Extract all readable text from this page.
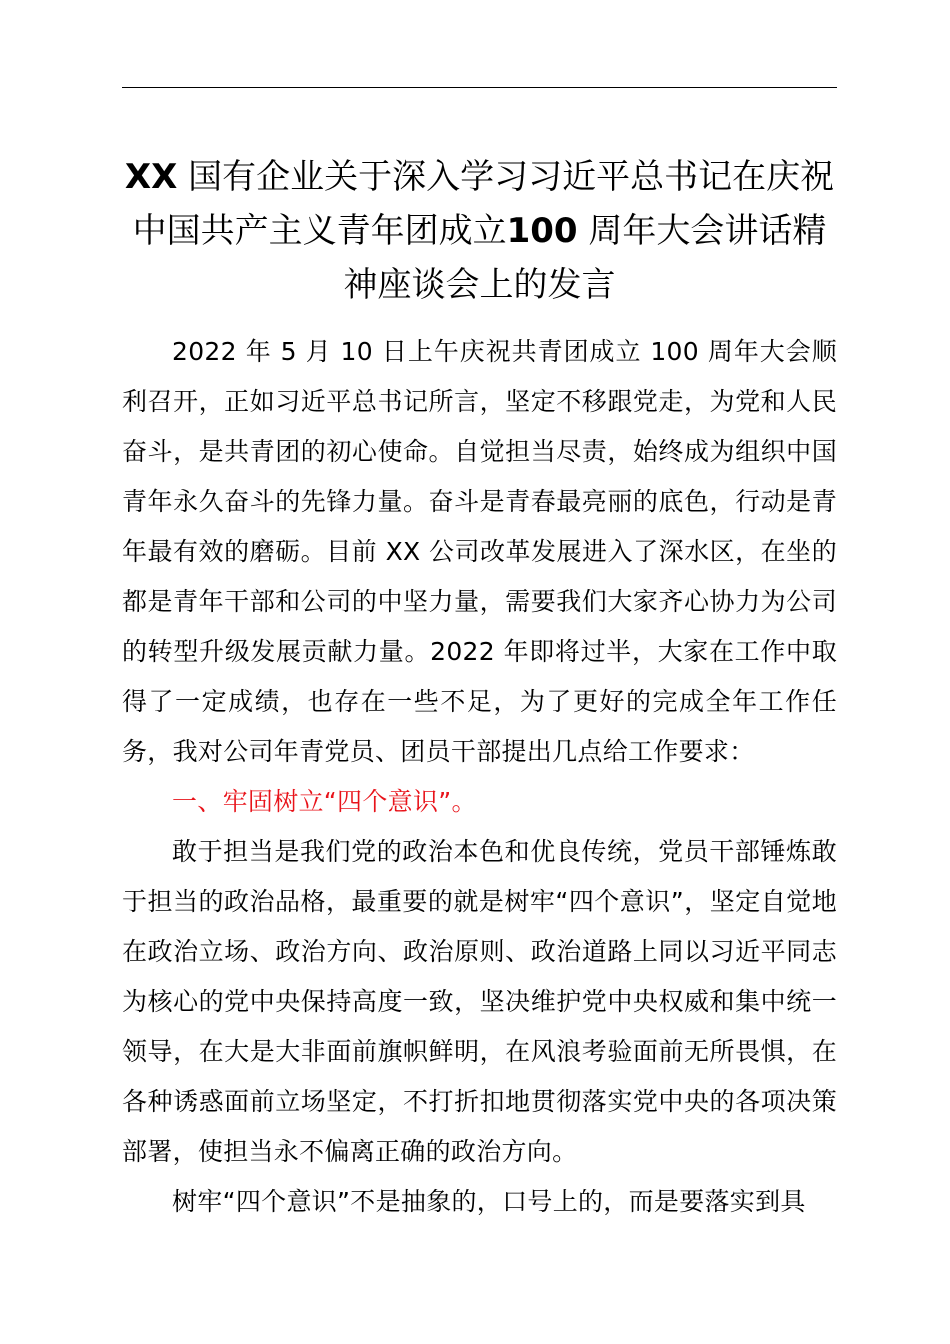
XX 国有企业关于深入学习习近平总书记在庆祝中国共产主义青年团成立100 周年大会讲话精神座谈会上的发言

2022 年 5 月 10 日上午庆祝共青团成立 100 周年大会顺利召开，正如习近平总书记所言，坚定不移跟党走，为党和人民奋斗，是共青团的初心使命。自觉担当尽责，始终成为组织中国青年永久奋斗的先锋力量。奋斗是青春最亮丽的底色，行动是青年最有效的磨砺。目前 XX 公司改革发展进入了深水区，在坐的都是青年干部和公司的中坚力量，需要我们大家齐心协力为公司的转型升级发展贡献力量。2022 年即将过半，大家在工作中取得了一定成绩，也存在一些不足，为了更好的完成全年工作任务，我对公司年青党员、团员干部提出几点给工作要求：

一、牢固树立“四个意识”。

敢于担当是我们党的政治本色和优良传统，党员干部锤炼敢于担当的政治品格，最重要的就是树牢“四个意识”，坚定自觉地在政治立场、政治方向、政治原则、政治道路上同以习近平同志为核心的党中央保持高度一致，坚决维护党中央权威和集中统一领导，在大是大非面前旗帜鲜明，在风浪考验面前无所畏惧，在各种诱惑面前立场坚定，不打折扣地贯彻落实党中央的各项决策部署，使担当永不偏离正确的政治方向。

树牢“四个意识”不是抽象的，口号上的，而是要落实到具
